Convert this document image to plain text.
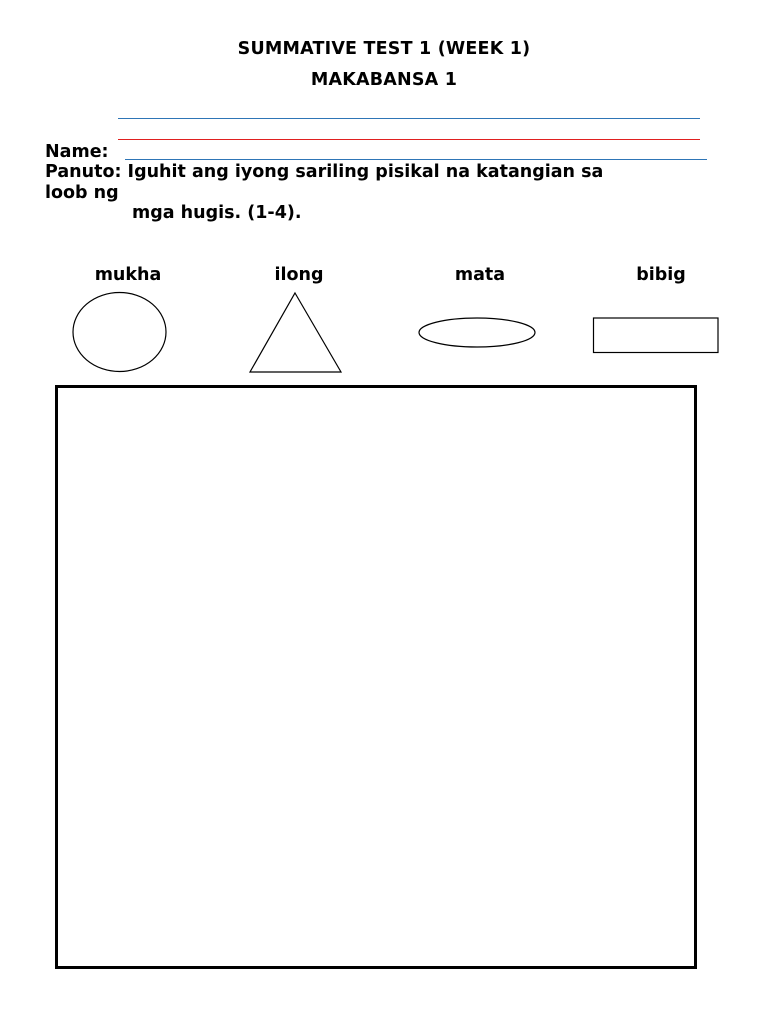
SUMMATIVE TEST 1 (WEEK 1)
MAKABANSA 1
Name:
Panuto: Iguhit ang iyong sariling pisikal na katangian sa
loob ng
mga hugis. (1-4).
mukha	ilong	mata	bibig
